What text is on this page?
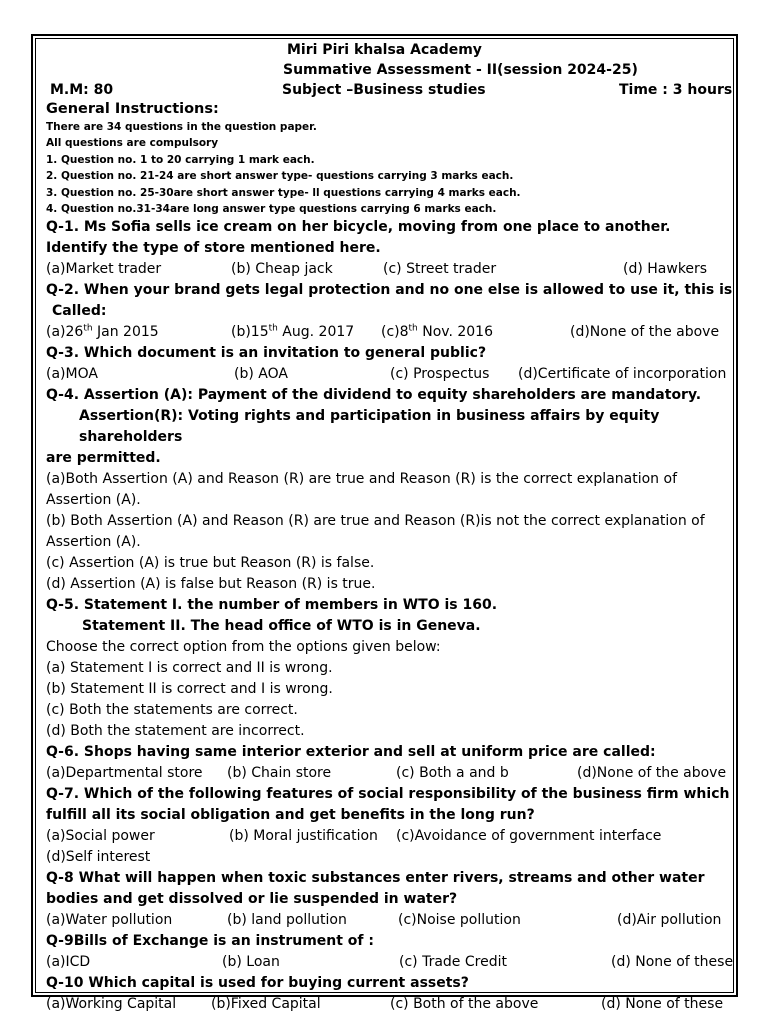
Miri Piri khalsa Academy
Summative Assessment - II(session 2024-25)
M.M: 80	Subject –Business studies	Time : 3 hours
General Instructions:
There are 34 questions in the question paper.
All questions are compulsory
1. Question no. 1 to 20 carrying 1 mark each.
2. Question no. 21-24 are short answer type- questions carrying 3 marks each.
3. Question no. 25-30are short answer type- ll questions carrying 4 marks each.
4. Question no.31-34are long answer type questions carrying 6 marks each.
Q-1. Ms Sofia sells ice cream on her bicycle, moving from one place to another. Identify the type of store mentioned here.
(a)Market trader	(b) Cheap jack	(c) Street trader	(d) Hawkers
Q-2. When your brand gets legal protection and no one else is allowed to use it, this is
Called:
(a)26th Jan 2015	(b)15th Aug. 2017 (c)8th Nov. 2016	(d)None of the above
Q-3. Which document is an invitation to general public?
(a)MOA	(b) AOA	(c) Prospectus (d)Certificate of incorporation
Q-4. Assertion (A): Payment of the dividend to equity shareholders are mandatory.
Assertion(R): Voting rights and participation in business affairs by equity shareholders
are permitted.
(a)Both Assertion (A) and Reason (R) are true and Reason (R) is the correct explanation of Assertion (A).
(b) Both Assertion (A) and Reason (R) are true and Reason (R)is not the correct explanation of Assertion (A).
(c) Assertion (A) is true but Reason (R) is false.
(d) Assertion (A) is false but Reason (R) is true.
Q-5. Statement I. the number of members in WTO is 160.
Statement II. The head office of WTO is in Geneva.
Choose the correct option from the options given below:
(a) Statement I is correct and II is wrong.
(b) Statement II is correct and I is wrong.
(c) Both the statements are correct.
(d) Both the statement are incorrect.
Q-6. Shops having same interior exterior and sell at uniform price are called:
(a)Departmental store (b) Chain store	(c) Both a and b	(d)None of the above
Q-7. Which of the following features of social responsibility of the business firm which fulfill all its social obligation and get benefits in the long run?
(a)Social power	(b) Moral justification (c)Avoidance of government interface
(d)Self interest
Q-8 What will happen when toxic substances enter rivers, streams and other water bodies and get dissolved or lie suspended in water?
(a)Water pollution	(b) land pollution	(c)Noise pollution	(d)Air pollution
Q-9Bills of Exchange is an instrument of :
(a)ICD	(b) Loan	(c) Trade Credit	(d) None of these
Q-10 Which capital is used for buying current assets?
(a)Working Capital (b)Fixed Capital	(c) Both of the above	(d) None of these
